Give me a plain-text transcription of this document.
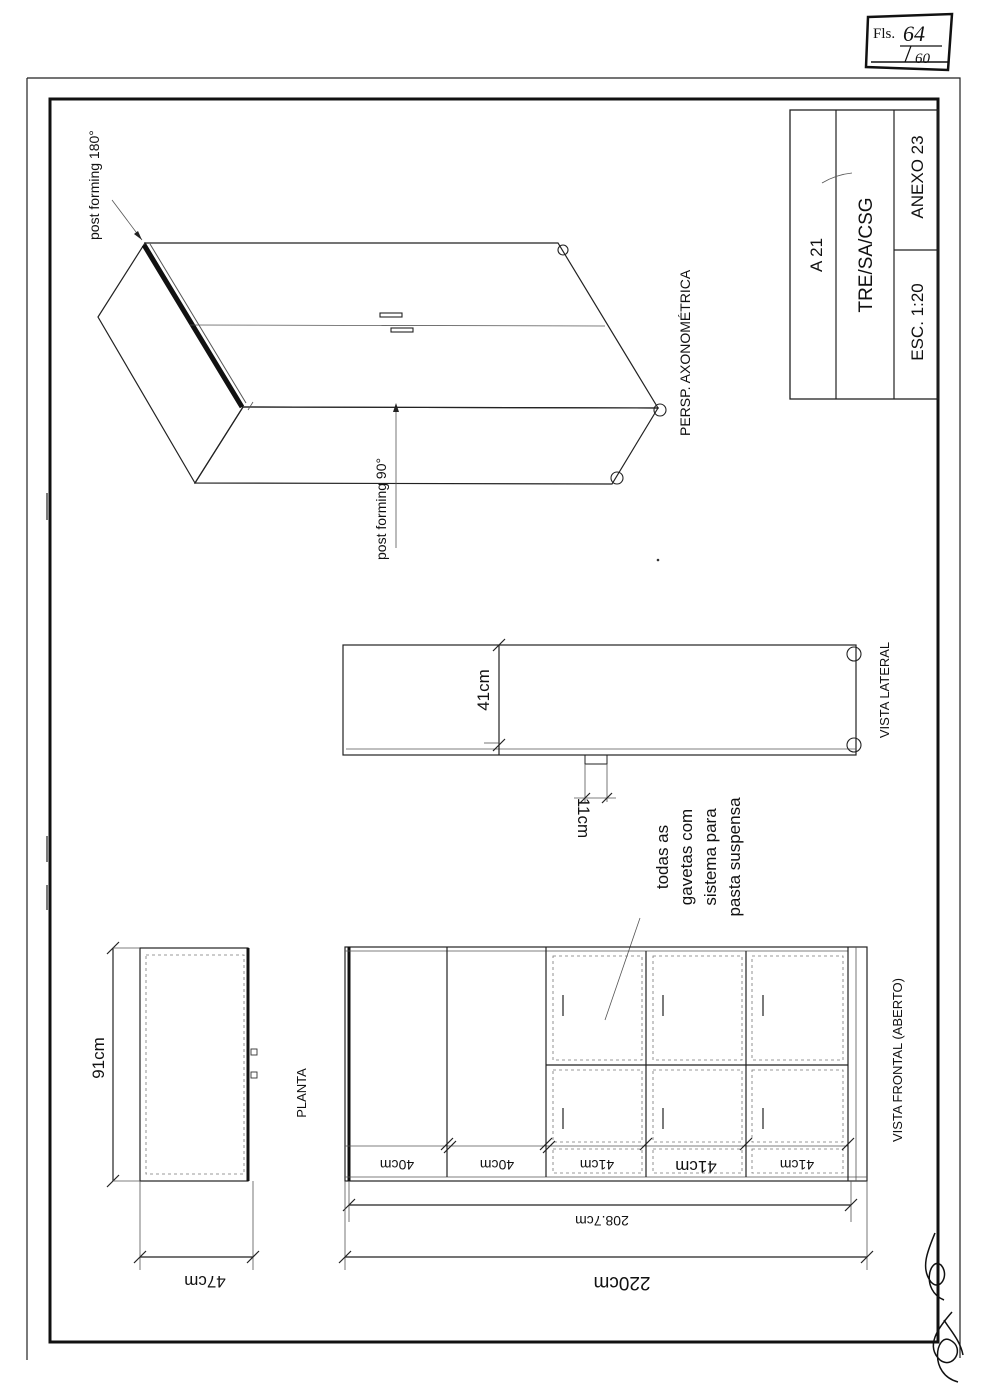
Fls. 64
60
A 21 TRE/SA/CSG
ESC. 1:20
ANEXO 23
post forming 180°
post forming 90°
PERSP. AXONOMÉTRICA
41cm
11cm
VISTA LATERAL
todas as gavetas com sistema para pasta suspensa
91cm
47cm
PLANTA
40cm	40cm	41cm	41cm	41cm
208.7cm
220cm
VISTA FRONTAL (ABERTO)
